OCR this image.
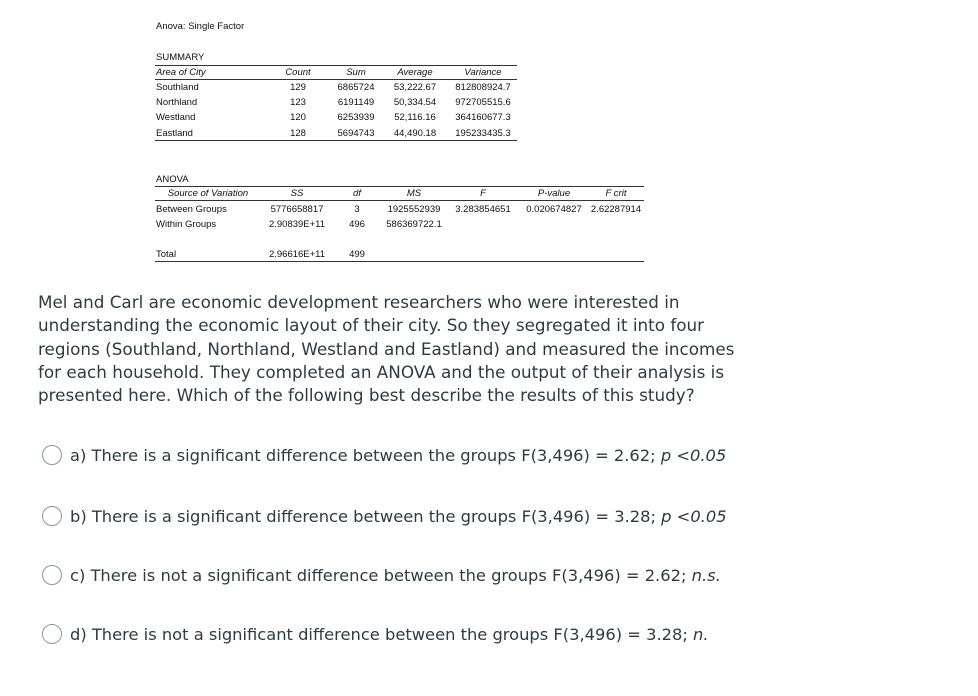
Anova: Single Factor
SUMMARY
Area of City	Count	Sum	Average	Variance
Southland	129	6865724	53,222.67	812808924.7
Northland	123	6191149	50,334.54	972705515.6
Westland	120	6253939	52,116.16	364160677.3
Eastland	128	5694743	44,490.18	195233435.3
ANOVA
Source of Variation	SS	df	MS	F	P-value	F crit
Between Groups	5776658817	3	1925552939	3.283854651	0.020674827 2.62287914
Within Groups	2.90839E+11	496	586369722.1
Total	2.96616E+11	499
Mel and Carl are economic development researchers who were interested in understanding the economic layout of their city. So they segregated it into four regions (Southland, Northland, Westland and Eastland) and measured the incomes for each household. They completed an ANOVA and the output of their analysis is presented here. Which of the following best describe the results of this study?
a) There is a significant difference between the groups F(3,496) = 2.62; p <0.05
b) There is a significant difference between the groups F(3,496) = 3.28; p <0.05
c) There is not a significant difference between the groups F(3,496) = 2.62; n.s.
d) There is not a significant difference between the groups F(3,496) = 3.28; n.
